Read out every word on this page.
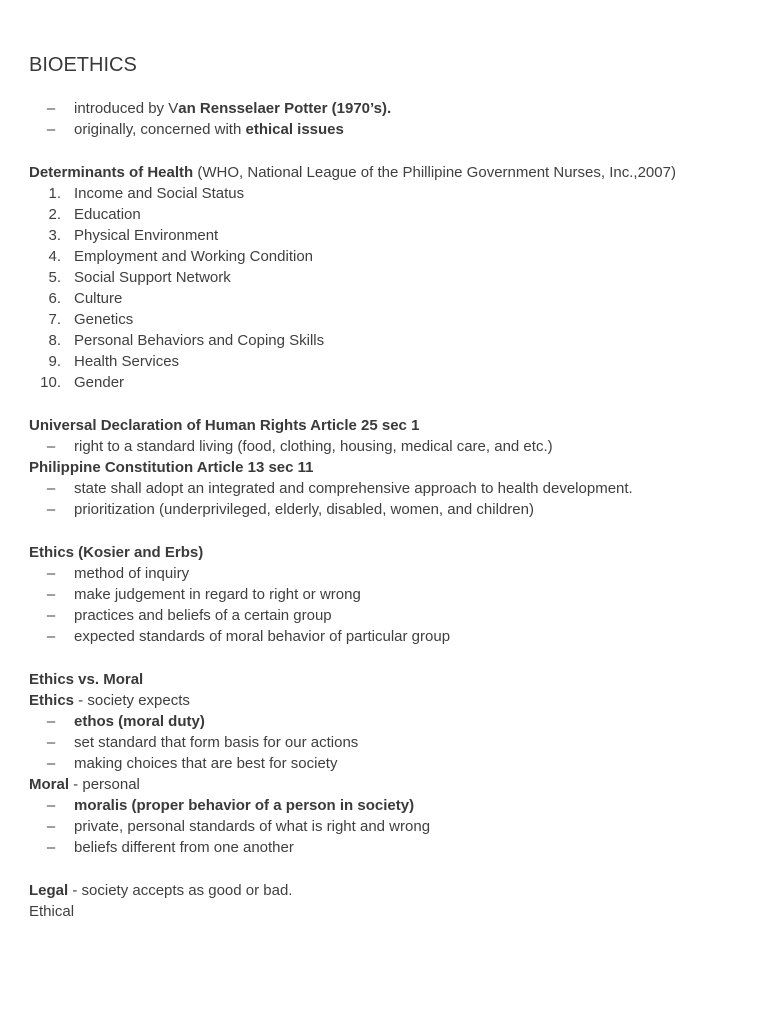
BIOETHICS
– introduced by Van Rensselaer Potter (1970’s).
– originally, concerned with ethical issues

Determinants of Health (WHO, National League of the Phillipine Government Nurses, Inc.,2007)

1. Income and Social Status
2. Education
3. Physical Environment
4. Employment and Working Condition
5. Social Support Network
6. Culture
7. Genetics
8. Personal Behaviors and Coping Skills
9. Health Services
10. Gender

Universal Declaration of Human Rights Article 25 sec 1

– right to a standard living (food, clothing, housing, medical care, and etc.)

Philippine Constitution Article 13 sec 11

– state shall adopt an integrated and comprehensive approach to health development.
– prioritization (underprivileged, elderly, disabled, women, and children)

Ethics (Kosier and Erbs)

– method of inquiry
– make judgement in regard to right or wrong
– practices and beliefs of a certain group
– expected standards of moral behavior of particular group

Ethics vs. Moral

Ethics - society expects

– ethos (moral duty)
– set standard that form basis for our actions
– making choices that are best for society

Moral - personal

– moralis (proper behavior of a person in society)
– private, personal standards of what is right and wrong
– beliefs different from one another

Legal - society accepts as good or bad.

Ethical
